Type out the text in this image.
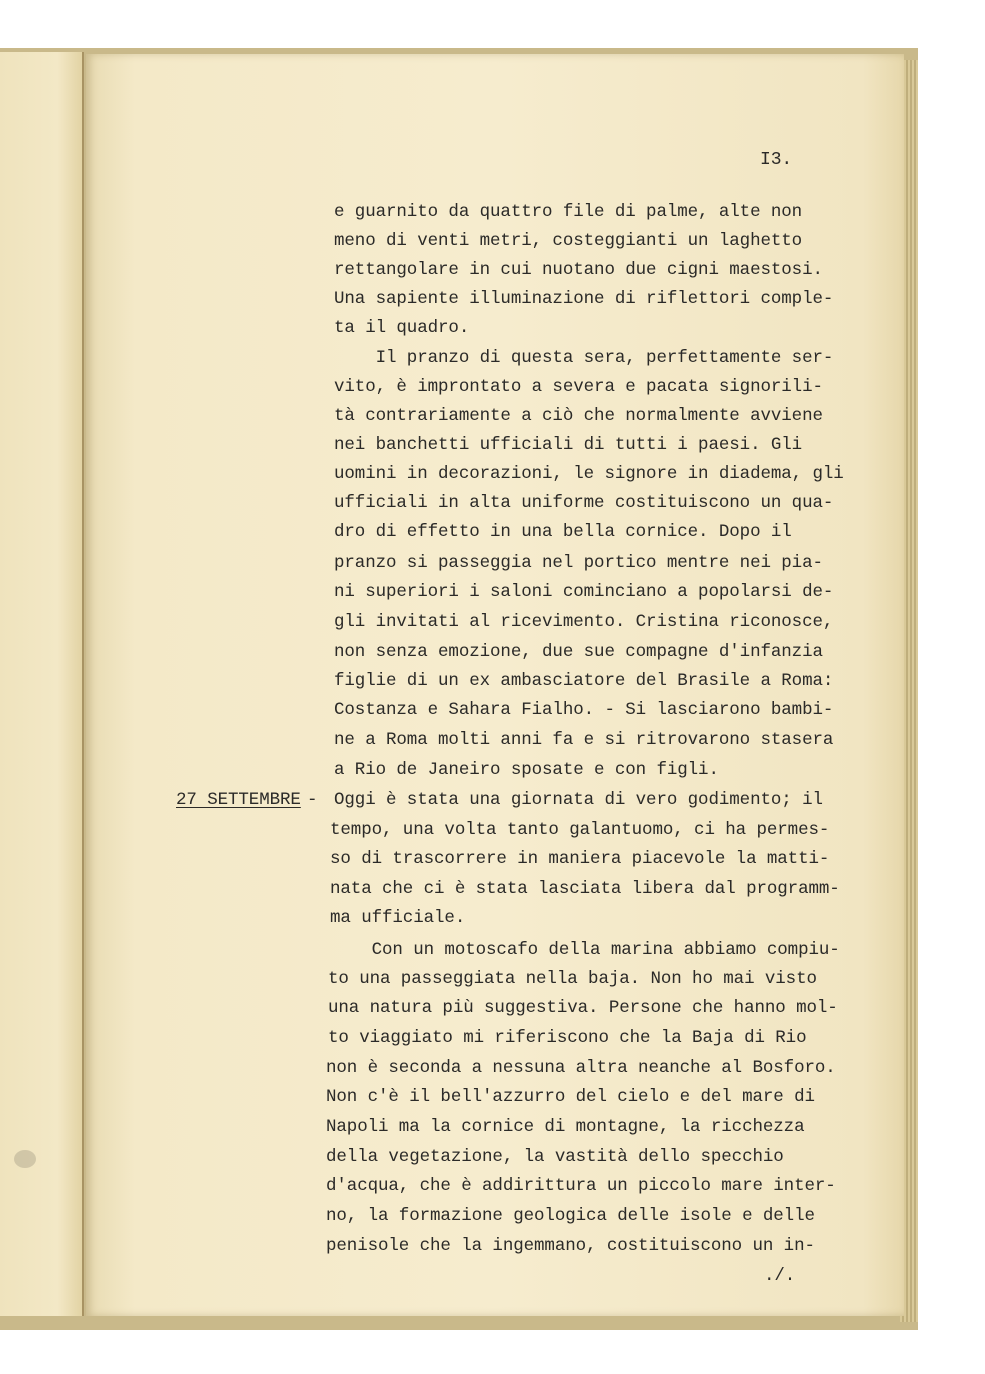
I3.
e guarnito da quattro file di palme, alte non
meno di venti metri, costeggianti un laghetto
rettangolare in cui nuotano due cigni maestosi.
Una sapiente illuminazione di riflettori comple-
ta il quadro.
Il pranzo di questa sera, perfettamente ser-
vito, è improntato a severa e pacata signorili-
tà contrariamente a ciò che normalmente avviene
nei banchetti ufficiali di tutti i paesi. Gli
uomini in decorazioni, le signore in diadema, gli
ufficiali in alta uniforme costituiscono un qua-
dro di effetto in una bella cornice. Dopo il
pranzo si passeggia nel portico mentre nei pia-
ni superiori i saloni cominciano a popolarsi de-
gli invitati al ricevimento. Cristina riconosce,
non senza emozione, due sue compagne d'infanzia
figlie di un ex ambasciatore del Brasile a Roma:
Costanza e Sahara Fialho. - Si lasciarono bambi-
ne a Roma molti anni fa e si ritrovarono stasera
a Rio de Janeiro sposate e con figli.
27 SETTEMBRE - Oggi è stata una giornata di vero godimento; il
tempo, una volta tanto galantuomo, ci ha permes-
so di trascorrere in maniera piacevole la matti-
nata che ci è stata lasciata libera dal programm-
ma ufficiale.
Con un motoscafo della marina abbiamo compiu-
to una passeggiata nella baja. Non ho mai visto
una natura più suggestiva. Persone che hanno mol-
to viaggiato mi riferiscono che la Baja di Rio
non è seconda a nessuna altra neanche al Bosforo.
Non c'è il bell'azzurro del cielo e del mare di
Napoli ma la cornice di montagne, la ricchezza
della vegetazione, la vastità dello specchio
d'acqua, che è addirittura un piccolo mare inter-
no, la formazione geologica delle isole e delle
penisole che la ingemmano, costituiscono un in-
./.
